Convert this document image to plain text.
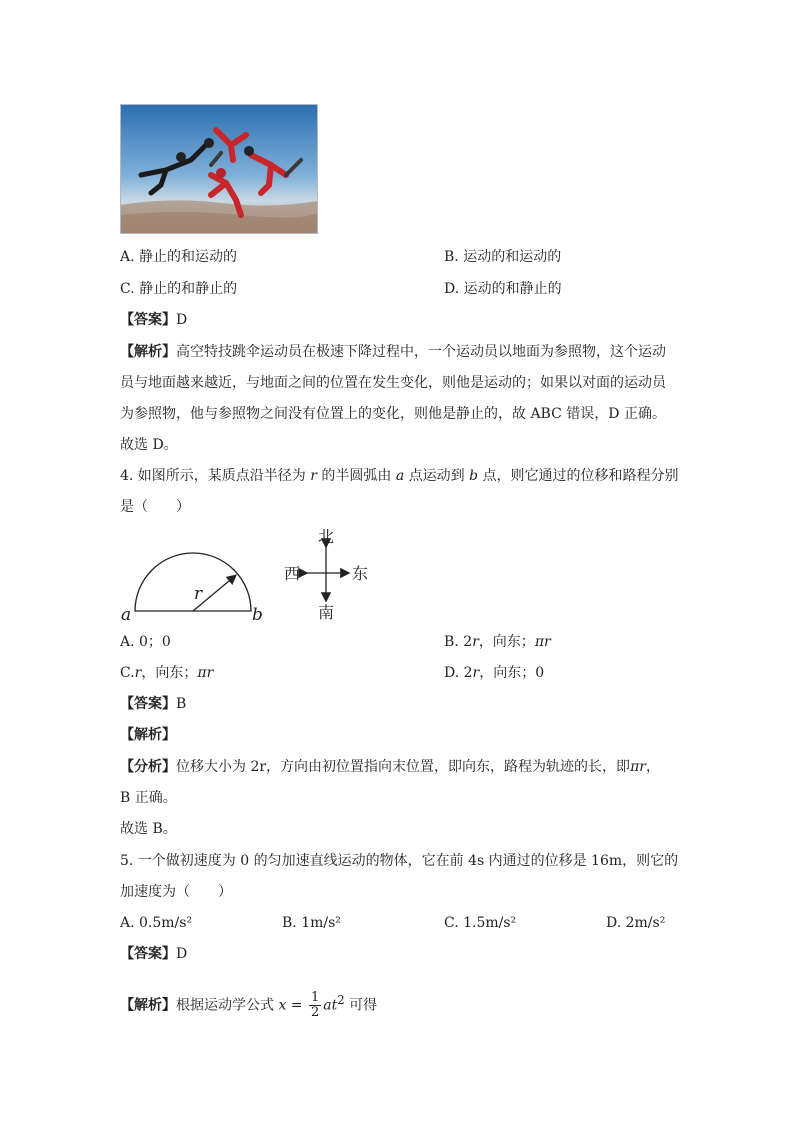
A. 静止的和运动的	B. 运动的和运动的
C. 静止的和静止的	D. 运动的和静止的
【答案】D
【解析】高空特技跳伞运动员在极速下降过程中，一个运动员以地面为参照物，这个运动
员与地面越来越近，与地面之间的位置在发生变化，则他是运动的；如果以对面的运动员
为参照物，他与参照物之间没有位置上的变化，则他是静止的，故 ABC 错误，D 正确。
故选 D。
4. 如图所示，某质点沿半径为 r 的半圆弧由 a 点运动到 b 点，则它通过的位移和路程分别
是（　　）
r
a	b
北
南
西	东
A. 0；0	B. 2r，向东；πr
C.r，向东；πr	D. 2r，向东；0
【答案】B
【解析】
【分析】位移大小为 2r，方向由初位置指向末位置，即向东，路程为轨迹的长，即πr，
B 正确。
故选 B。
5. 一个做初速度为 0 的匀加速直线运动的物体，它在前 4s 内通过的位移是 16m，则它的
加速度为（　　）
A. 0.5m/s²	B. 1m/s²	C. 1.5m/s²	D. 2m/s²
【答案】D
【解析】根据运动学公式 $x = \frac{1}{2} at^2$ 可得
